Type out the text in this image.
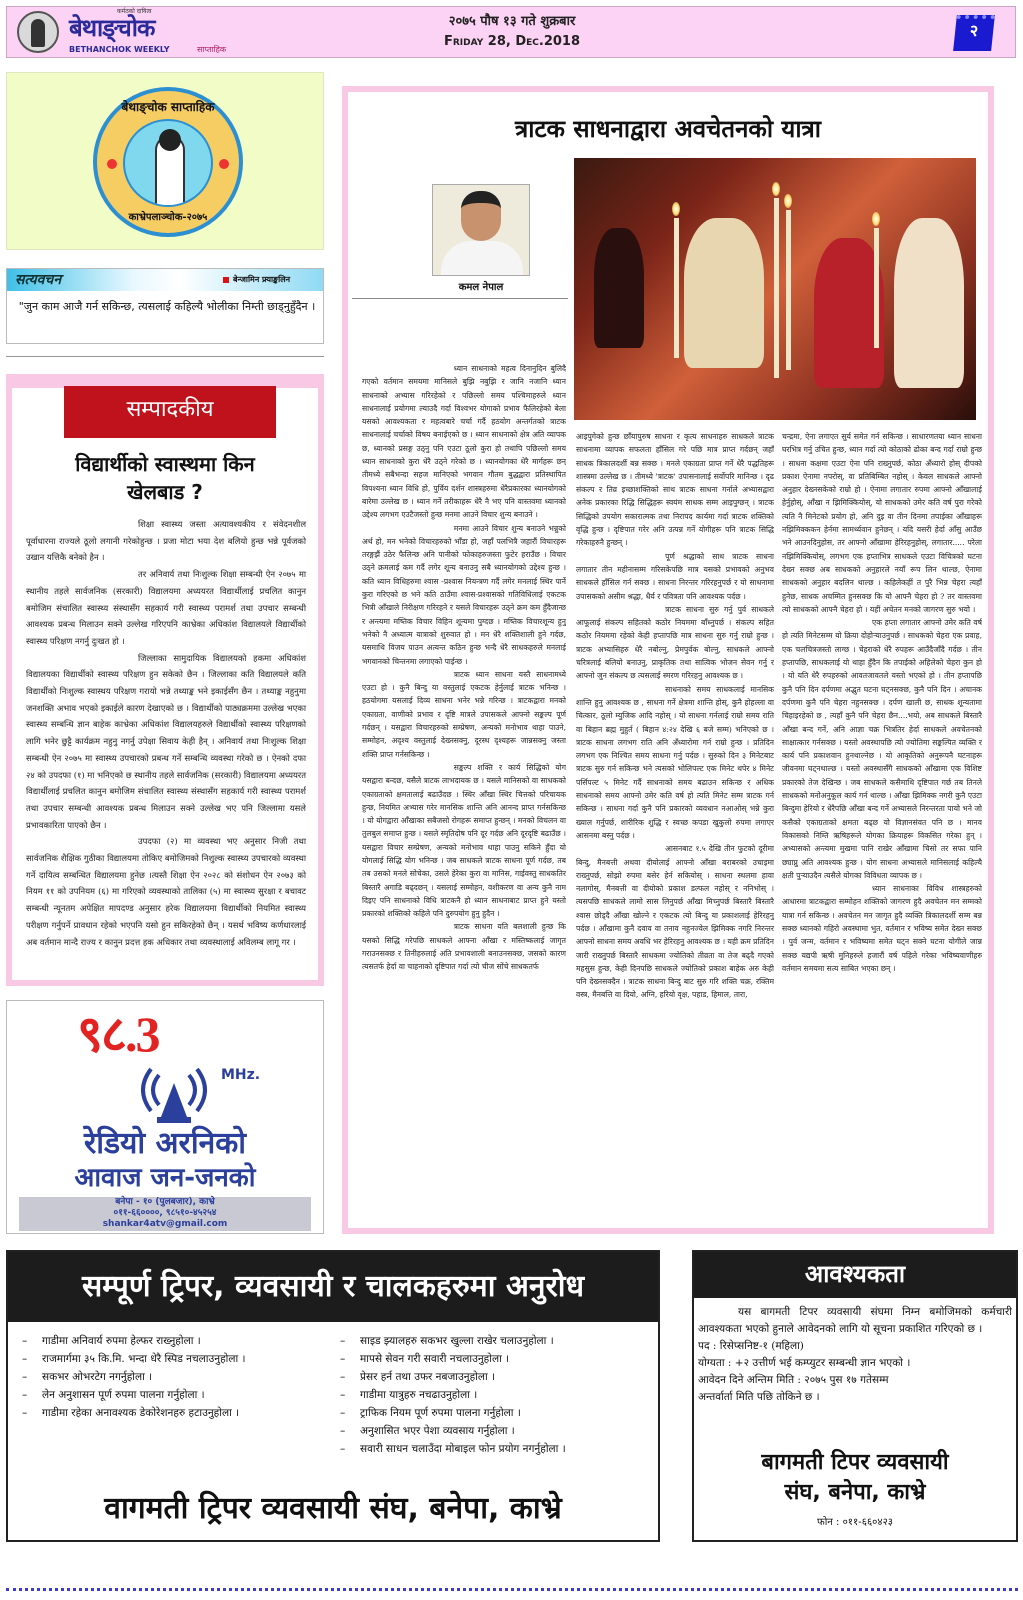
कर्मठको दायित्व
बेथाङ्चोक
BETHANCHOK WEEKLY	साप्ताहिक
२०७५ पौष १३ गते शुक्रबार
Friday 28, Dec.2018
२
बेथाङ्चोक साप्ताहिक
काभ्रेपलाञ्चोक-२०७५
सत्यवचन	बेन्जामिन फ्र्याङ्कलिन
"जुन काम आजै गर्न सकिन्छ, त्यसलाई कहिल्यै भोलीका निम्ती छाड्नुहुँदैन ।
सम्पादकीय
विद्यार्थीको स्वास्थमा किन खेलबाड ?

शिक्षा स्वास्थ्य जस्ता अत्यावश्यकीय र संवेदनशील पूर्वाधारमा राज्यले ठूलो लगानी गरेकोहुन्छ । प्रजा मोटा भया देश बलियो हुन्छ भन्ने पूर्वजको उखान यत्तिकै बनेको हैन ।

तर अनिवार्य तथा निःशुल्क शिक्षा सम्बन्धी ऐन २०७५ मा स्थानीय तहले सार्वजनिक (सरकारी) विद्यालयमा अध्ययरत विद्यार्थीलाई प्रचलित कानुन बमोजिम संचालित स्वास्थ्य संस्थासँग सहकार्य गरी स्वास्थ्य परामर्श तथा उपचार सम्बन्धी आवश्यक प्रबन्ध मिलाउन सक्ने उल्लेख गरिएपनि काभ्रेका अधिकांश विद्यालयले विद्यार्थीको स्वास्थ्य परिक्षण नगर्नु दुःखत हो ।

जिल्लाका सामुदायिक विद्यालयको हकमा अधिकांश विद्यालयका विद्यार्थीको स्वास्थ्य परिक्षण हुन सकेको छैन । जिल्लाका कति विद्यालयले कति विद्यार्थीको निःशुल्क स्वास्थय परिक्षण गरायो भन्ने तथ्याङ्क भने इकाईसँग छैन । तथ्याङ्क नहुनुमा जनशक्ति अभाव भएको इकाईले कारण देखाएको छ । विद्यार्थीको पाठ्यक्रममा उल्लेख भएका स्वास्थ्य सम्बन्धि ज्ञान बाहेक काभ्रेका अधिकांश विद्यालयहरुले विद्यार्थीको स्वास्थ्य परिक्षणको लागि भनेर छुट्टै कार्यक्रम नहुनु नगर्नु उपेक्षा सिवाय केही हैन् । अनिवार्य तथा निःशुल्क शिक्षा सम्बन्धी ऐन २०७५ मा स्वास्थ्य उपचारको प्रबन्ध गर्ने सम्बन्धि व्यवस्था गरेको छ । ऐनको दफा २४ को उपदफा (१) मा भनिएको छ स्थानीय तहले सार्वजनिक (सरकारी) विद्यालयमा अध्ययरत विद्यार्थीलाई प्रचलित कानुन बमोजिम संचालित स्वास्थ्य संस्थासँग सहकार्य गरी स्वास्थ्य परामर्श तथा उपचार सम्बन्धी आवश्यक प्रबन्ध मिलाउन सक्ने उल्लेख भए पनि जिल्लामा यसले प्रभावकारिता पाएको छैन ।

उपदफा (२) मा व्यवस्था भए अनुसार निजी तथा सार्वजनिक शैक्षिक गुठीका विद्यालयमा तोकिए बमोजिमको निशुल्क स्वास्थ्य उपचारको व्यवस्था गर्ने दायित्व सम्बन्धित विद्यालयमा हुनेछ ।त्यस्तै शिक्षा ऐन २०२८ को संशोधन ऐन २०७३ को नियम ११ को उपनियम (६) मा गरिएको व्यवस्थाको तालिका (५) मा स्वास्थ्य सुरक्षा र बचावट सम्बन्धी न्यूनतम अपेक्षित मापदण्ड अनुसार हरेक विद्यालयमा विद्यार्थीको नियमित स्वास्थ्य परीक्षण गर्नुपर्ने प्रावधान रहेको भएपनि यसो हुन सकिरहेको छैन् । यसर्थ भविष्य कर्णधारलाई अब वर्तमान मान्दै राज्य र कानुन प्रदत्त हक अधिकार तथा व्यवस्थालाई अविलम्ब लागू गर ।

९८.3
MHz.
रेडियो अरनिको
आवाज जन-जनको
बनेपा - १० (पुलबजार), काभ्रे
०११-६६००००, ९८५१०-४५२५४
shankar4atv@gmail.com
त्राटक साधनाद्वारा अवचेतनको यात्रा
कमल नेपाल

ध्यान साधनाको महत्व दिनानुदिन बुलिदै गएको वर्तमान समयमा मानिसले बुझि नबुझि र जानि नजानि ध्यान साधनाको अभ्यास गरिरहेको र पछिल्लो समय पश्चिमाहरुले ध्यान साधनालाई प्रयोगमा ल्याउदै गर्दा विश्वभर योगाको प्रभाव फैलिरहेको बेला यसको आवश्यकता र महत्वबारे चर्चा गर्दै हठयोग अन्तर्गतको त्राटक साधनालाई चर्चाको विषय बनाईएको छ । ध्यान साधनाको क्षेत्र अति व्यापक छ, ध्यानको प्रसङ्ग उठ्नु पनि एउटा ठूलो कुरा हो तथापि पछिल्लो समय ध्यान साधनाको कुरा धेरै उठ्ने गरेको छ । ध्यानयोगका धेरै मार्गहरू छन् तीमध्ये सबैभन्दा सहज मानिएको भगवान गौतम बुद्धद्वारा प्रतिस्थापित विपश्यना ध्यान विधि हो, पुर्विय दर्शन शास्त्रहरुमा धेरैप्रकारका ध्यानयोगको बारेमा उल्लेख छ । ध्यान गर्ने तरीकाहरू धेरै नै भए पनि वास्तवमा ध्यानको उद्देश्य लगभग एउटैजस्तो हुन्छ मनमा आउने विचार शुन्य बनाउने ।

मनमा आउने विचार शुन्य बनाउने भन्नुको अर्थ हो, मन भनेको विचारहरुको भाँडा हो, जहाँ पलभित्रै जहारौं विचारहरू तरङ्गझैं उठेर फैलिन्छ अनि पानीको फोकाहरुजस्ता फुटेर हराउँछ । विचार उठ्ने क्रमलाई कम गर्दै लगेर शून्य बनाउनु सबै ध्यानयोगको उद्देश्य हुन्छ । कति ध्यान विधिहरुमा श्वास -प्रश्वास नियन्त्रण गर्दै लगेर मनलाई स्थिर पार्ने कुरा गरिएको छ भने कति ठाउँमा श्वास-प्रश्वासको गतिविधिलाई एकटक भित्री आँखाले निरीक्षण गरिरहने र यसले विचारहरू उठ्ने क्रम कम हुँदैजान्छ र अन्त्यमा मष्तिक विचार विहिन शून्यमा पुग्दछ । मष्तिक विचारशून्य हुनु भनेको नै अध्यात्म यात्राको शुरुवात हो । मन धेरै शक्तिशाली हुने गर्दछ, यसमाथि विजय पाउन अत्यन्त कठिन हुन्छ भन्दै धेरै साधकहरुले मनलाई भगवानको चिन्तनमा लगाएको पाईन्छ ।

त्राटक ध्यान साधना यस्तै साधनामध्ये एउटा हो । कुनै बिन्दु या वस्तुलाई एकटक हेर्नुलाई त्राटक भनिन्छ । हठयोगमा यसलाई दिव्य साधना भनेर भन्ने गरिन्छ । त्राटकद्वारा मनको एकाग्रता, वाणीको प्रभाव र दृष्टि मात्रले उपासकले आफ्नो सङ्कल्प पूर्ण गर्दछन् । यसद्वारा विचारहरुको सम्प्रेषण, अन्यको मनोभाव थाहा पाउने, सम्मोहन, अदृश्य वस्तुलाई देख्नसक्नु, दूरस्थ दृश्यहरू जान्नसक्नु जस्ता शक्ति प्राप्त गर्नसकिन्छ ।

सङ्कल्प शक्ति र कार्य सिद्धिको योग यसद्वारा बन्दछ, यसैले त्राटक लाभदायक छ । यसले मानिसको वा साधकको एकाग्रताको क्षमतालाई बढाउँदछ । स्थिर आँखा स्थिर चित्तको परिचायक हुन्छ, नियमित अभ्यास गरेर मानसिक शान्ति अनि आनन्द प्राप्त गर्नसकिन्छ । यो योगद्वारा आँखाका सबैजसो रोगहरू समाप्त हुन्छन् । मनको विचलन वा तुलबुल समाप्त हुन्छ । यसले स्मृतिदोष पनि दूर गर्दछ अनि दूरदृष्टि बढाउँछ । यसद्वारा विचार सम्प्रेषण, अन्यको मनोभाव थाहा पाउनु सकिने हुँदा यो योगलाई सिद्धि योग भनिन्छ । जब साधकले त्राटक साधना पूर्ण गर्दछ, तब तब उसको मनले सोचेका, उसले हेरेका कुरा वा मानिस, गाईवस्तु साधकतिर बिस्तारै अगाडि बढ्दछन् । यसलाई सम्मोहन, वशीकरण वा अन्य कुनै नाम दिइए पनि साधनाको विधि त्राटकनै हो ध्यान साधनाबाट प्राप्त हुने यस्तो प्रकारको शक्तिको कहिले पनि दुरुपयोग हुनु हुदैन ।

त्राटक साधना यति बलशाली हुन्छ कि यसको सिद्धि गरेपछि साधकले आफ्ना आँखा र मस्तिष्कलाई जागृत गराउनसक्छ र तिनीहरुलाई अति प्रभावशाली बनाउनसक्छ, जसको कारण त्यसतर्फ हेर्दा वा चाहनाको दृष्टिपात गर्दा त्यो चीज सोंचे साधकतर्फ

आइपुगेको हुन्छ छाँयापुरुष साधना र कृत्य साधनाहरु साधकले त्राटक साधनामा व्यापक सफलता हाँसिल गरे पछि मात्र प्राप्त गर्दछन् जहाँ साधक त्रिकालदर्शी बन्न सक्छ । मनले एकाग्रता प्राप्त गर्ने धेरै पद्धतिहरू शास्त्रमा उल्लेख छ । तीमध्ये 'त्राटक' उपासनालाई सर्वोपरि मानिन्छ । दृढ संकल्प र तिव्र इच्छाशक्तिको साथ त्राटक साधना गर्नाले अभ्यासद्वारा अनेक प्रकारका रिद्धि सिद्धिहरू स्वयंम साधक सम्म आइपुग्छन् । त्राटक सिद्धिको उपयोग सकारात्मक तथा निरापद कार्यमा गर्दा त्राटक शक्तिको वृद्धि हुन्छ । दृष्टिपात गरेर अनि उत्पन्न गर्ने योगीहरू पनि त्राटक सिद्धि गरेकाहरुनै हुन्छन् ।

पूर्ण श्रद्धाको साथ त्राटक साधना लगातार तीन महीनासम्म गरिसकेपछि मात्र यसको प्रभावको अनुभव साधकले हाँसिल गर्न सक्छ । साधना निरन्तर गरिरहनुपर्छ र यो साधनामा उपासकको असीम श्रद्धा, धैर्य र पवित्रता पनि आवश्यक पर्दछ ।

त्राटक साधना सुरु गर्नु पुर्व साधकले आफूलाई संकल्प सहितको कठोर नियममा बाँध्नुपर्छ । संकल्प सहित कठोर नियममा रहेको केही हप्तापछि मात्र साधना सुरु गर्नु राम्रो हुन्छ । त्राटक अभ्यासिहरु धेरै नबोल्नु, प्रेमपुर्वक बोल्नु, साधकले आफ्नो चरित्रलाई बलियो बनाउनु, प्राकृतिक तथा सात्विक भोजन सेवन गर्नु र आफ्नो जुन संकल्प छ त्यसलाई स्मरण गरिरहनु आवश्यक छ ।

साधनाको समय साधकलाई मानसिक शान्ति हुनु आवश्यक छ , साधना गर्ने क्षेत्रमा शान्ति होस्, कुनै होहल्ला वा चित्कार, ठूलो म्युजिक आदि नहोस् । यो साधना गर्नलाई राम्रो समय राति वा बिहान ब्रह्म मुहुर्त ( बिहान ४:२४ देखि ६ बजे सम्म) भनिएको छ । त्राटक साधना लगभग राति अनि अँध्यारोमा गर्न राम्रो हुन्छ । प्रतिदिन लगभग एक निश्चित समय साधना गर्नु पर्दछ । सुरुको दिन ३ मिनेटबाट त्राटक सुरु गर्न सकिन्छ भने त्यसको भोलिपल्ट एक मिनेट थपेर ४ मिनेट पर्सिपल्ट ५ मिनेट गर्दै साधनाको समय बढाउन सकिन्छ र अधिक साधनाको समय आफ्नो उमेर कति वर्ष हो त्यति मिनेट सम्म त्राटक गर्न सकिन्छ । साधना गर्दा कुनै पनि प्रकारको व्यवधान नआओस् भन्ने कुरा ख्याल गर्नुपर्छ, शारीरिक शुद्धि र स्वच्छ कपडा खुकुलो रुपमा लगाएर आसनमा बस्नु पर्दछ ।

आसनबाट १.५ देखि तीन फुटको दूरीमा बिन्दु, मैनबत्ती अथवा दीयोलाई आफ्नो आँखा बराबरको उचाइमा राख्नुपर्छ, सोझो रुपमा बसेर हेर्न सकियोस् । साधना स्थलमा हावा नलागोस्, मैनबत्ती वा दीयोको प्रकाश डल्फल नहोस् र ननिभोस् । त्यसपछि साधकले लामो सास लिनुपर्छ आँखा मिच्नुपर्छ बिस्तारै बिस्तारै श्वास छोड्दै आँखा खोल्ने र एकटक त्यो बिन्दु या प्रकाशलाई हेरिरहनु पर्दछ । आँखामा कुनै दवाव वा तनाव नहुनज्वेल झिमिक्क नगरि निरन्तर आफ्नो साधना समय अवधि भर हेरिरहनु आवश्यक छ । यही क्रम प्रतिदिन जारी राख्नुपर्छ बिस्तारै साधकमा ज्योतिको तीव्रता वा तेज बढ्दै गएको महसुस हुन्छ, केही दिनपछि साधकले ज्योतिको प्रकाश बाहेक अरु केही पनि देख्नसक्दैन । त्राटक साधना बिन्दु बाट सुरु गरि शक्ति चक्र, रक्तिम वस्त्र, मैनबत्ति वा दियो, अग्नि, हरियो वृक्ष, पहाड, हिमाल, तारा,

चन्द्रमा, ऐना लगाएत सुर्य समेत गर्न सकिन्छ । साधारणतया ध्यान साधना घरभित्र गर्नु उचित हुन्छ, ध्यान गर्दा त्यो कोठाको ढोका बन्द गर्दा राम्रो हुन्छ । साधना कक्षमा एउटा ऐना पनि राख्नुपर्छ, कोठा अँध्यारो होस् दीपको प्रकाश ऐनामा नपरोस्, वा प्रतिबिम्बित नहोस् । केवल साधकले आफ्नो अनुहार देख्नसकेको राम्रो हो । ऐनामा लगातार रुपमा आफ्नो आँखालाई हेर्नुहोस्, आँखा न झिमिक्कियोस्, यो साधकको उमेर कति वर्ष पुरा गरेको त्यति नै मिनेटको प्रयोग हो, अनि दुइ वा तीन दिनमा तपाईका आँखाहरू नझिमिक्ककन हेर्नमा सामर्थ्यवान हुनेछन् । यदि यसरी हेर्दा आँसु आउँछ भने आउनदिनुहोस, तर आफ्नो आँखामा हेरिरहनुहोस्, लगातार..... परेला नझिमिक्कियोस्, लगभग एक हप्ताभित्र साधकले एउटा विचित्रको घटना देख्न सक्छ अब साधकको अनुहारले नयाँ रूप लिन थाल्छ, ऐनामा साधकको अनुहार बदलिन थाल्छ । कहिलेकहीं त पुरै भिन्न चेहरा त्यहाँ हुनेछ, साधक अचम्मित हुनसक्छ कि यो आफ्नै चेहरा हो ? तर वास्तवमा त्यो साधकको आफ्नै चेहरा हो । यहीं अचेतन मनको जागरण सुरु भयो ।

एक हप्ता लगातार आफ्नो उमेर कति वर्ष हो त्यति मिनेटसम्म यो क्रिया दोहोऱ्याउनुपर्छ । साधकको चेहरा एक प्रवाह, एक चलचित्रजस्तो लाग्छ । चेहराको धेरै रुपहरू आउँदैजाँदै गर्दछ । तीन हप्तापछि, साधकलाई यो थाहा हुँदैन कि तपाईको अहिलेको चेहरा कुन हो । यो यति धेरै रुपहरुको आवतजावतले यस्तो भएको हो । तीन हप्तापछि कुनै पनि दिन दर्पणमा अद्भुत घटना घट्नसक्छ, कुनै पनि दिन । अचानक दर्पणमा कुनै पनि चेहरा नहुनसक्छ । दर्पण खाली छ, साधक शून्यतामा चिहाइरहेको छ , त्यहाँ कुनै पनि चेहरा छैन....भयो, अब साधकले बिस्तारै आँखा बन्द गर्ने, अनि आज्ञा चक्र भित्रतिर हेर्दा साधकले अवचेतनको साक्षात्कार गर्नसक्छ । यस्तो अवस्थापछि त्यो ज्योतिमा सङ्कल्पित व्यक्ति र कार्य पनि प्रकाशवान हुनथाल्नेछ । यो आकृतिको अनुरूपनै घटनाहरू जीवनमा घट्नथाल्छ । यस्तो अवस्थासँगै साधकको आँखामा एक विशिष्ट प्रकारको तेज देखिन्छ । जब साधकले कसैमाथि दृष्टिपात गर्छ तब तिनले साधकको मनोअनुकूल कार्य गर्न थाल्छ । आँखा झिमिक्क नगरी कुनै एउटा बिन्दुमा हेरियो र धेरैपछि आँखा बन्द गर्ने अभ्यासले निरन्तरता पायो भने जो कसैको एकाग्रताको क्षमता बढ्छ यो विज्ञानसंवत पनि छ । मानव विकासको निम्ति ऋषिहरूले योगका क्रियाहरू विकसित गरेका हुन् । अभ्यासको अन्त्यमा मुखमा पानि राखेर आँखामा चिसो तर सफा पानि छ्याप्नु अति आवश्यक हुन्छ । योग साधना अभ्यासले मानिसलाई कहिल्यै क्षती पुऱ्याउदैन त्यसैले योगका विविधता व्यापक छ ।

ध्यान साधनाका विविध शास्त्रहरुको आधारमा त्राटकद्वारा सम्मोहन शक्तिको जागरण हुदै अवचेतन मन सम्मको यात्रा गर्न सकिन्छ । अवचेतन मन जागृत हुदै व्यक्ति त्रिकालदर्शी सम्म बन्न सक्छ ध्यानको गहिरो अवस्थामा भुत, वर्तमान र भविष्य समेत देख्न सक्छ । पुर्व जन्म, वर्तमान र भविष्यमा समेत घट्न सक्ने घटना योगीले जान्न सक्छ यद्यपी ऋषी मुनिहरुले हजारौं वर्ष पहिले गरेका भविष्यवाणीहरु वर्तमान समयमा सत्य साबित भएका छन् ।

सम्पूर्ण ट्रिपर, व्यवसायी र चालकहरुमा अनुरोध
– गाडीमा अनिवार्य रुपमा हेल्फर राख्नुहोला ।
– राजमार्गमा ३५ कि.मि. भन्दा धेरै स्पिड नचलाउनुहोला ।
– सकभर ओभरटेग नगर्नुहोला ।
– लेन अनुशासन पूर्ण रुपमा पालना गर्नुहोला ।
– गाडीमा रहेका अनावश्यक डेकोरेशनहरु हटाउनुहोला ।
– साइड झ्यालहरु सकभर खुल्ला राखेर चलाउनुहोला ।
– मापसे सेवन गरी सवारी नचलाउनुहोला ।
– प्रेसर हर्न तथा उफर नबजाउनुहोला ।
– गाडीमा यात्रुहरु नचढाउनुहोला ।
– ट्राफिक नियम पूर्ण रुपमा पालना गर्नुहोला ।
– अनुशासित भएर पेशा व्यवसाय गर्नुहोला ।
– सवारी साधन चलाउँदा मोबाइल फोन प्रयोग नगर्नुहोला ।
वागमती ट्रिपर व्यवसायी संघ, बनेपा, काभ्रे
आवश्यकता
यस बागमती टिपर व्यवसायी संघमा निम्न बमोजिमको कर्मचारी आवश्यकता भएको हुनाले आवेदनको लागि यो सूचना प्रकाशित गरिएको छ ।
पद : रिसेप्सनिष्ट-१ (महिला)
योग्यता : +२ उत्तीर्ण भई कम्प्युटर सम्बन्धी ज्ञान भएको ।
आवेदन दिने अन्तिम मिति : २०७५ पुस १७ गतेसम्म
अन्तर्वार्ता मिति पछि तोकिने छ ।
बागमती टिपर व्यवसायी
संघ, बनेपा, काभ्रे
फोन : ०११-६६०४२३
